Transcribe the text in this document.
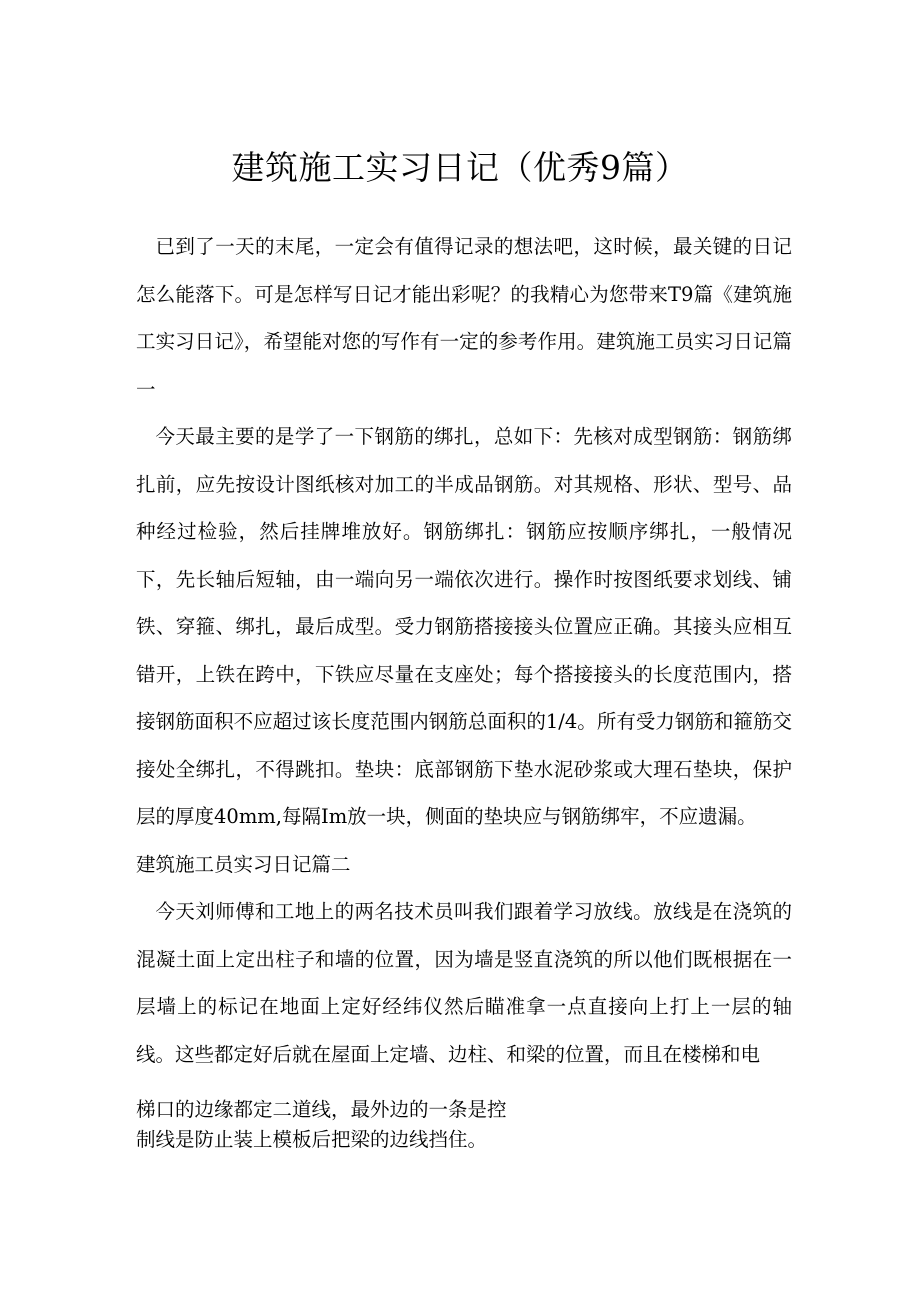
建筑施工实习日记（优秀9篇）

已到了一天的末尾，一定会有值得记录的想法吧，这时候，最关键的日记怎么能落下。可是怎样写日记才能出彩呢？的我精心为您带来T9篇《建筑施工实习日记》，希望能对您的写作有一定的参考作用。建筑施工员实习日记篇一

今天最主要的是学了一下钢筋的绑扎，总如下：先核对成型钢筋：钢筋绑扎前，应先按设计图纸核对加工的半成品钢筋。对其规格、形状、型号、品种经过检验，然后挂牌堆放好。钢筋绑扎：钢筋应按顺序绑扎，一般情况下，先长轴后短轴，由一端向另一端依次进行。操作时按图纸要求划线、铺铁、穿箍、绑扎，最后成型。受力钢筋搭接接头位置应正确。其接头应相互错开，上铁在跨中，下铁应尽量在支座处；每个搭接接头的长度范围内，搭接钢筋面积不应超过该长度范围内钢筋总面积的1/4。所有受力钢筋和箍筋交接处全绑扎，不得跳扣。垫块：底部钢筋下垫水泥砂浆或大理石垫块，保护层的厚度40mm,每隔Im放一块，侧面的垫块应与钢筋绑牢，不应遗漏。

建筑施工员实习日记篇二

今天刘师傅和工地上的两名技术员叫我们跟着学习放线。放线是在浇筑的混凝土面上定出柱子和墙的位置，因为墙是竖直浇筑的所以他们既根据在一层墙上的标记在地面上定好经纬仪然后瞄准拿一点直接向上打上一层的轴线。这些都定好后就在屋面上定墙、边柱、和梁的位置，而且在楼梯和电

梯口的边缘都定二道线，最外边的一条是控

制线是防止装上模板后把梁的边线挡住。
